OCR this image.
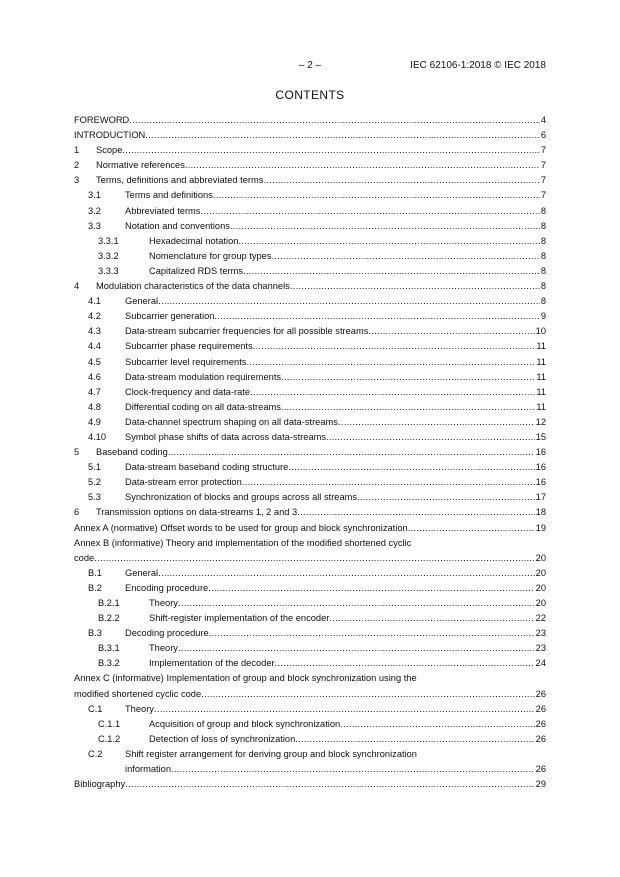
– 2 –	IEC 62106-1:2018 © IEC 2018
CONTENTS
FOREWORD .....	4
INTRODUCTION .....	6
1	Scope .....	7
2	Normative references .....	7
3	Terms, definitions and abbreviated terms .....	7
3.1	Terms and definitions .....	7
3.2	Abbreviated terms .....	8
3.3	Notation and conventions .....	8
3.3.1	Hexadecimal notation .....	8
3.3.2	Nomenclature for group types .....	8
3.3.3	Capitalized RDS terms .....	8
4	Modulation characteristics of the data channels .....	8
4.1	General .....	8
4.2	Subcarrier generation .....	9
4.3	Data-stream subcarrier frequencies for all possible streams .....	10
4.4	Subcarrier phase requirements .....	11
4.5	Subcarrier level requirements .....	11
4.6	Data-stream modulation requirements .....	11
4.7	Clock-frequency and data-rate .....	11
4.8	Differential coding on all data-streams .....	11
4.9	Data-channel spectrum shaping on all data-streams .....	12
4.10	Symbol phase shifts of data across data-streams .....	15
5	Baseband coding .....	16
5.1	Data-stream baseband coding structure .....	16
5.2	Data-stream error protection .....	16
5.3	Synchronization of blocks and groups across all streams .....	17
6	Transmission options on data-streams 1, 2 and 3 .....	18
Annex A (normative) Offset words to be used for group and block synchronization .....	19
Annex B (informative) Theory and implementation of the modified shortened cyclic
code .....	20
B.1	General .....	20
B.2	Encoding procedure .....	20
B.2.1	Theory .....	20
B.2.2	Shift-register implementation of the encoder .....	22
B.3	Decoding procedure .....	23
B.3.1	Theory .....	23
B.3.2	Implementation of the decoder .....	24
Annex C (informative) Implementation of group and block synchronization using the
modified shortened cyclic code .....	26
C.1	Theory .....	26
C.1.1	Acquisition of group and block synchronization .....	26
C.1.2	Detection of loss of synchronization .....	26
C.2	Shift register arrangement for deriving group and block synchronization
information .....	26
Bibliography .....	29
